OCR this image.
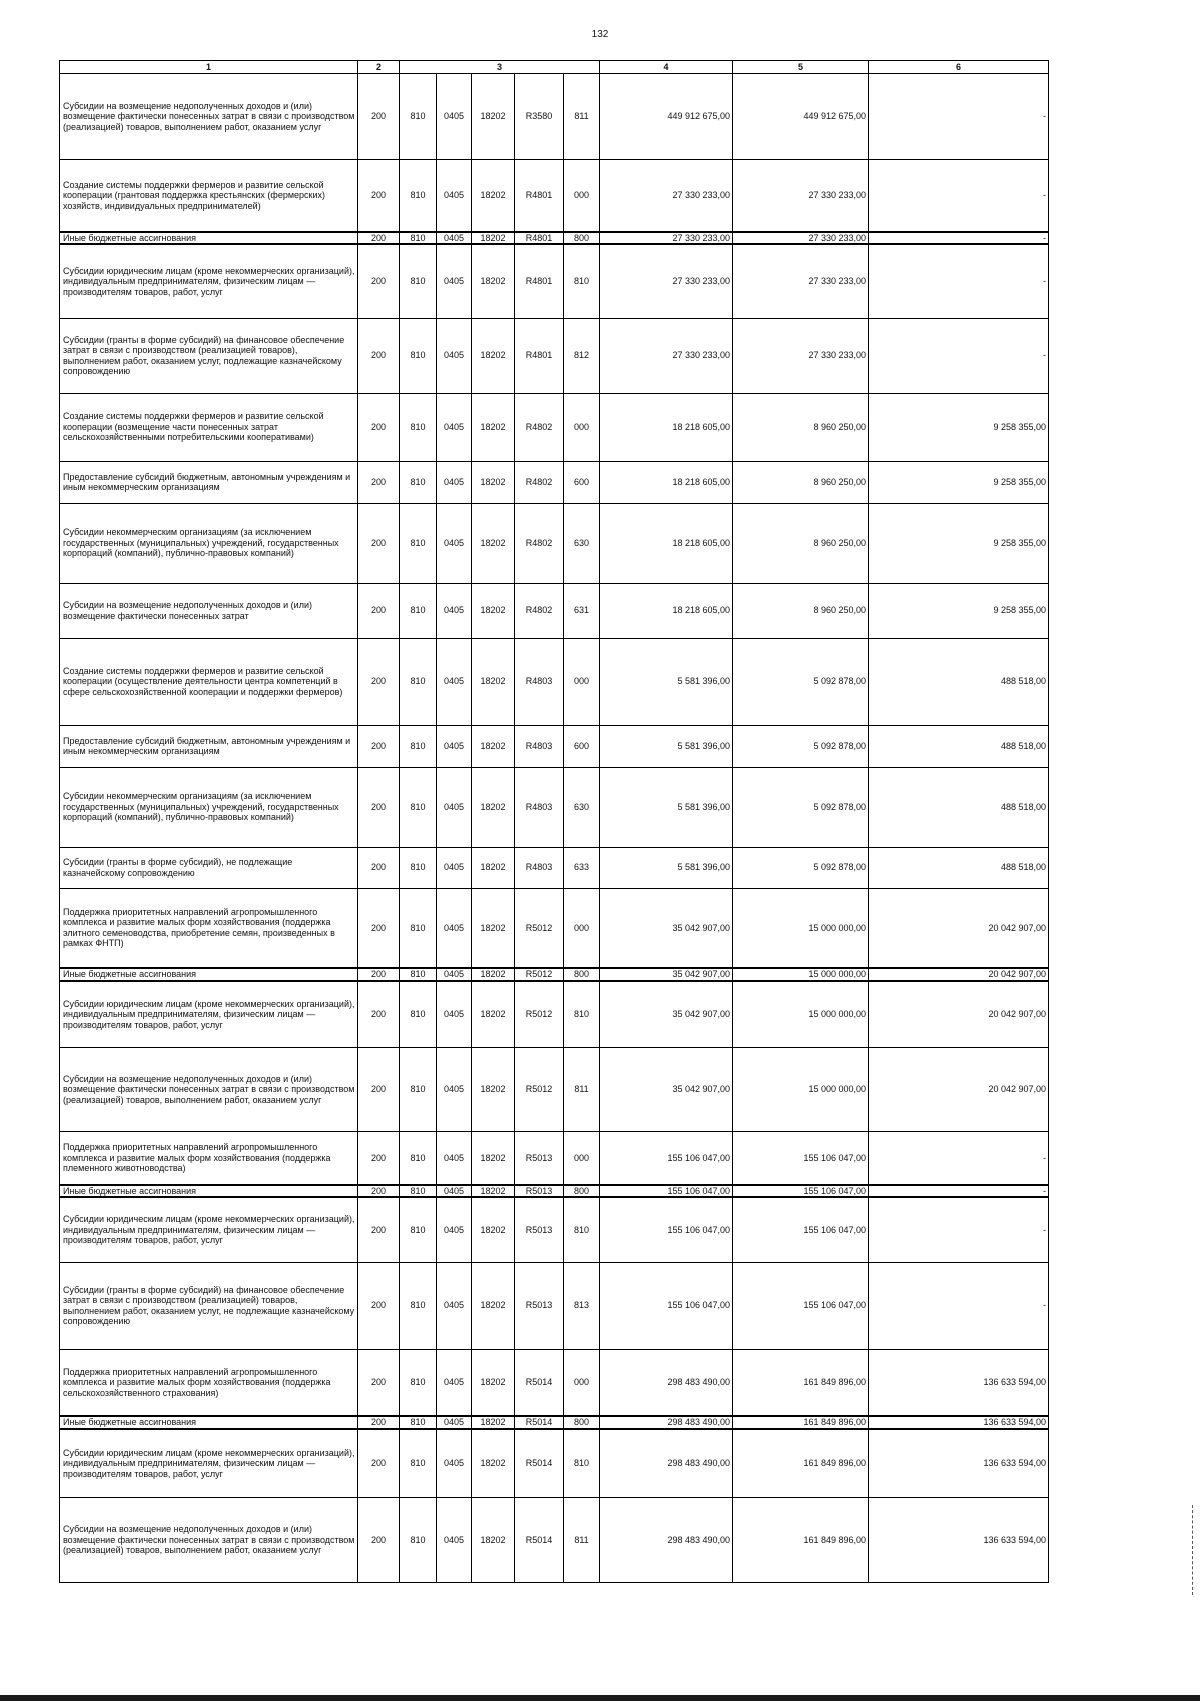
132
1	2	3					4	5	6
Субсидии на возмещение недополученных доходов и (или) возмещение фактически понесенных затрат в связи с производством (реализацией) товаров, выполнением работ, оказанием услуг	200	810	0405	18202	R3580	811	449 912 675,00	449 912 675,00	-
Создание системы поддержки фермеров и развитие сельской кооперации (грантовая поддержка крестьянских (фермерских) хозяйств, индивидуальных предпринимателей)	200	810	0405	18202	R4801	000	27 330 233,00	27 330 233,00	-
Иные бюджетные ассигнования	200	810	0405	18202	R4801	800	27 330 233,00	27 330 233,00	-
Субсидии юридическим лицам (кроме некоммерческих организаций), индивидуальным предпринимателям, физическим лицам — производителям товаров, работ, услуг	200	810	0405	18202	R4801	810	27 330 233,00	27 330 233,00	-
Субсидии (гранты в форме субсидий) на финансовое обеспечение затрат в связи с производством (реализацией товаров), выполнением работ, оказанием услуг, подлежащие казначейскому сопровождению	200	810	0405	18202	R4801	812	27 330 233,00	27 330 233,00	-
Создание системы поддержки фермеров и развитие сельской кооперации (возмещение части понесенных затрат сельскохозяйственными потребительскими кооперативами)	200	810	0405	18202	R4802	000	18 218 605,00	8 960 250,00	9 258 355,00
Предоставление субсидий бюджетным, автономным учреждениям и иным некоммерческим организациям	200	810	0405	18202	R4802	600	18 218 605,00	8 960 250,00	9 258 355,00
Субсидии некоммерческим организациям (за исключением государственных (муниципальных) учреждений, государственных корпораций (компаний), публично-правовых компаний)	200	810	0405	18202	R4802	630	18 218 605,00	8 960 250,00	9 258 355,00
Субсидии на возмещение недополученных доходов и (или) возмещение фактически понесенных затрат	200	810	0405	18202	R4802	631	18 218 605,00	8 960 250,00	9 258 355,00
Создание системы поддержки фермеров и развитие сельской кооперации (осуществление деятельности центра компетенций в сфере сельскохозяйственной кооперации и поддержки фермеров)	200	810	0405	18202	R4803	000	5 581 396,00	5 092 878,00	488 518,00
Предоставление субсидий бюджетным, автономным учреждениям и иным некоммерческим организациям	200	810	0405	18202	R4803	600	5 581 396,00	5 092 878,00	488 518,00
Субсидии некоммерческим организациям (за исключением государственных (муниципальных) учреждений, государственных корпораций (компаний), публично-правовых компаний)	200	810	0405	18202	R4803	630	5 581 396,00	5 092 878,00	488 518,00
Субсидии (гранты в форме субсидий), не подлежащие казначейскому сопровождению	200	810	0405	18202	R4803	633	5 581 396,00	5 092 878,00	488 518,00
Поддержка приоритетных направлений агропромышленного комплекса и развитие малых форм хозяйствования (поддержка элитного семеноводства, приобретение семян, произведенных в рамках ФНТП)	200	810	0405	18202	R5012	000	35 042 907,00	15 000 000,00	20 042 907,00
Иные бюджетные ассигнования	200	810	0405	18202	R5012	800	35 042 907,00	15 000 000,00	20 042 907,00
Субсидии юридическим лицам (кроме некоммерческих организаций), индивидуальным предпринимателям, физическим лицам — производителям товаров, работ, услуг	200	810	0405	18202	R5012	810	35 042 907,00	15 000 000,00	20 042 907,00
Субсидии на возмещение недополученных доходов и (или) возмещение фактически понесенных затрат в связи с производством (реализацией) товаров, выполнением работ, оказанием услуг	200	810	0405	18202	R5012	811	35 042 907,00	15 000 000,00	20 042 907,00
Поддержка приоритетных направлений агропромышленного комплекса и развитие малых форм хозяйствования (поддержка племенного животноводства)	200	810	0405	18202	R5013	000	155 106 047,00	155 106 047,00	-
Иные бюджетные ассигнования	200	810	0405	18202	R5013	800	155 106 047,00	155 106 047,00	-
Субсидии юридическим лицам (кроме некоммерческих организаций), индивидуальным предпринимателям, физическим лицам — производителям товаров, работ, услуг	200	810	0405	18202	R5013	810	155 106 047,00	155 106 047,00	-
Субсидии (гранты в форме субсидий) на финансовое обеспечение затрат в связи с производством (реализацией) товаров, выполнением работ, оказанием услуг, не подлежащие казначейскому сопровождению	200	810	0405	18202	R5013	813	155 106 047,00	155 106 047,00	-
Поддержка приоритетных направлений агропромышленного комплекса и развитие малых форм хозяйствования (поддержка сельскохозяйственного страхования)	200	810	0405	18202	R5014	000	298 483 490,00	161 849 896,00	136 633 594,00
Иные бюджетные ассигнования	200	810	0405	18202	R5014	800	298 483 490,00	161 849 896,00	136 633 594,00
Субсидии юридическим лицам (кроме некоммерческих организаций), индивидуальным предпринимателям, физическим лицам — производителям товаров, работ, услуг	200	810	0405	18202	R5014	810	298 483 490,00	161 849 896,00	136 633 594,00
Субсидии на возмещение недополученных доходов и (или) возмещение фактически понесенных затрат в связи с производством (реализацией) товаров, выполнением работ, оказанием услуг	200	810	0405	18202	R5014	811	298 483 490,00	161 849 896,00	136 633 594,00
